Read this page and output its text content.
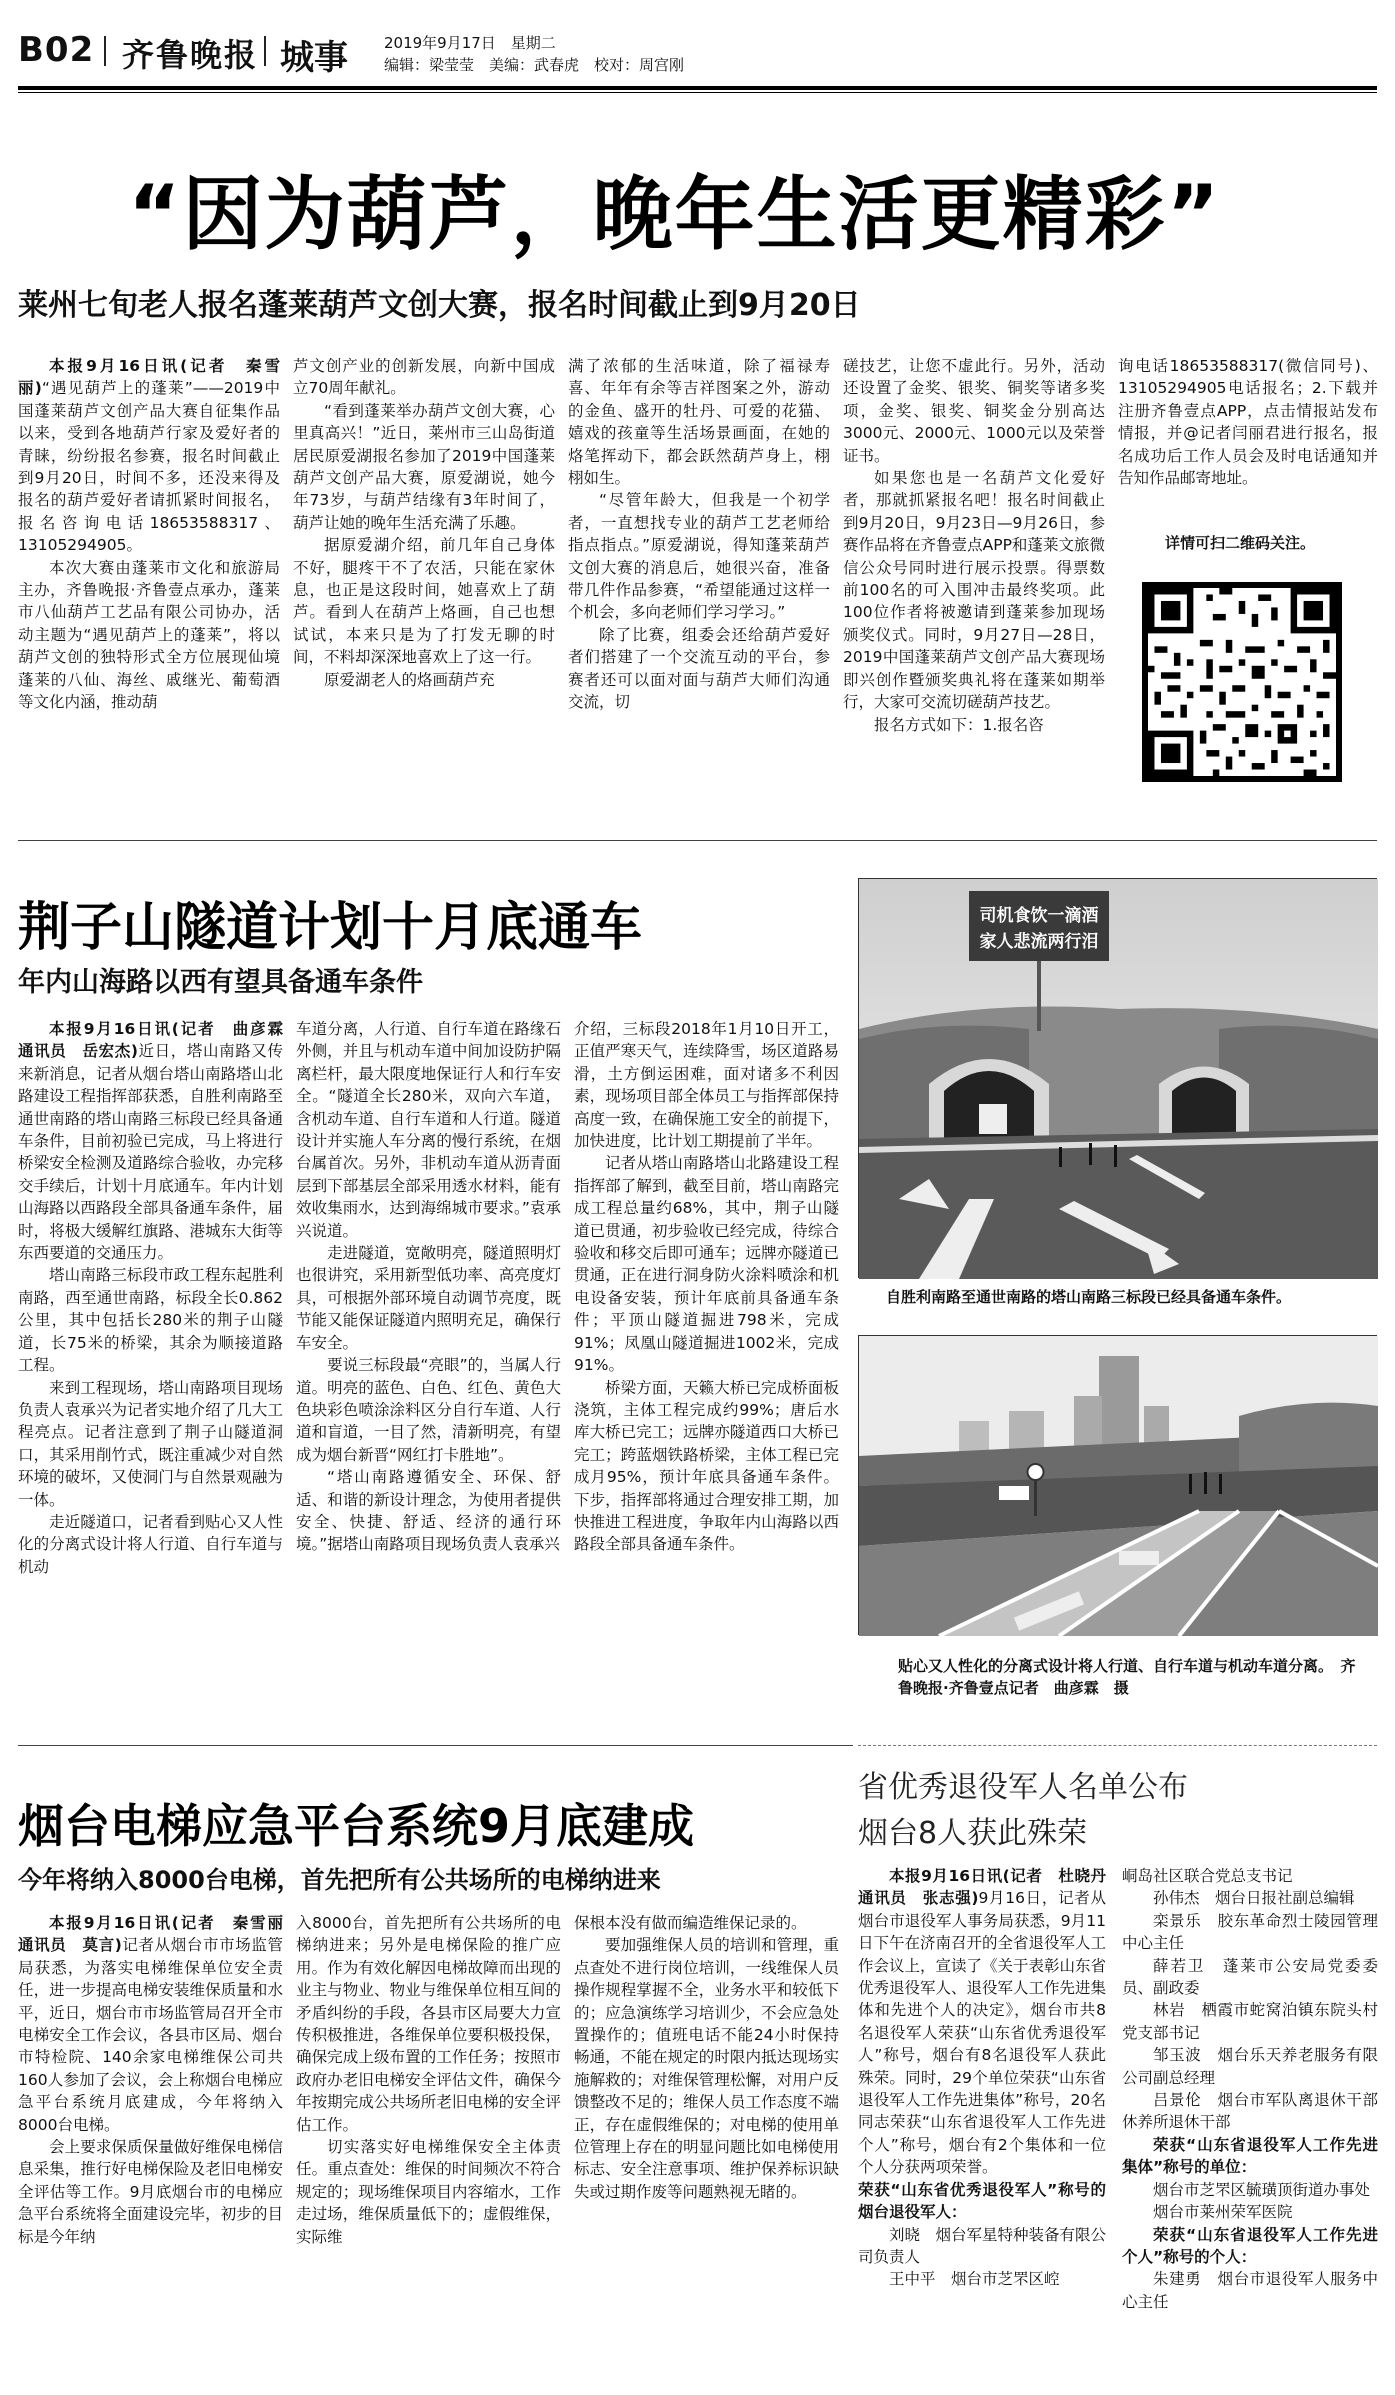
B02 齐鲁晚报 城事 2019年9月17日　星期二
编辑：梁莹莹　美编：武春虎　校对：周宫刚
“因为葫芦，晚年生活更精彩”
莱州七旬老人报名蓬莱葫芦文创大赛，报名时间截止到9月20日

本报9月16日讯(记者　秦雪丽)“遇见葫芦上的蓬莱”——2019中国蓬莱葫芦文创产品大赛自征集作品以来，受到各地葫芦行家及爱好者的青睐，纷纷报名参赛，报名时间截止到9月20日，时间不多，还没来得及报名的葫芦爱好者请抓紧时间报名，报名咨询电话18653588317、13105294905。

本次大赛由蓬莱市文化和旅游局主办，齐鲁晚报·齐鲁壹点承办，蓬莱市八仙葫芦工艺品有限公司协办，活动主题为“遇见葫芦上的蓬莱”，将以葫芦文创的独特形式全方位展现仙境蓬莱的八仙、海丝、戚继光、葡萄酒等文化内涵，推动葫

芦文创产业的创新发展，向新中国成立70周年献礼。

“看到蓬莱举办葫芦文创大赛，心里真高兴！”近日，莱州市三山岛街道居民原爱湖报名参加了2019中国蓬莱葫芦文创产品大赛，原爱湖说，她今年73岁，与葫芦结缘有3年时间了，葫芦让她的晚年生活充满了乐趣。

据原爱湖介绍，前几年自己身体不好，腿疼干不了农活，只能在家休息，也正是这段时间，她喜欢上了葫芦。看到人在葫芦上烙画，自己也想试试，本来只是为了打发无聊的时间，不料却深深地喜欢上了这一行。

原爱湖老人的烙画葫芦充

满了浓郁的生活味道，除了福禄寿喜、年年有余等吉祥图案之外，游动的金鱼、盛开的牡丹、可爱的花猫、嬉戏的孩童等生活场景画面，在她的烙笔挥动下，都会跃然葫芦身上，栩栩如生。

“尽管年龄大，但我是一个初学者，一直想找专业的葫芦工艺老师给指点指点。”原爱湖说，得知蓬莱葫芦文创大赛的消息后，她很兴奋，准备带几件作品参赛，“希望能通过这样一个机会，多向老师们学习学习。”

除了比赛，组委会还给葫芦爱好者们搭建了一个交流互动的平台，参赛者还可以面对面与葫芦大师们沟通交流，切

磋技艺，让您不虚此行。另外，活动还设置了金奖、银奖、铜奖等诸多奖项，金奖、银奖、铜奖金分别高达3000元、2000元、1000元以及荣誉证书。

如果您也是一名葫芦文化爱好者，那就抓紧报名吧！报名时间截止到9月20日，9月23日—9月26日，参赛作品将在齐鲁壹点APP和蓬莱文旅微信公众号同时进行展示投票。得票数前100名的可入围冲击最终奖项。此100位作者将被邀请到蓬莱参加现场颁奖仪式。同时，9月27日—28日，2019中国蓬莱葫芦文创产品大赛现场即兴创作暨颁奖典礼将在蓬莱如期举行，大家可交流切磋葫芦技艺。

报名方式如下：1.报名咨

询电话18653588317(微信同号)、13105294905电话报名；2.下载并注册齐鲁壹点APP，点击情报站发布情报，并@记者闫丽君进行报名，报名成功后工作人员会及时电话通知并告知作品邮寄地址。

详情可扫二维码关注。
荆子山隧道计划十月底通车
年内山海路以西有望具备通车条件

本报9月16日讯(记者　曲彦霖　通讯员　岳宏杰)近日，塔山南路又传来新消息，记者从烟台塔山南路塔山北路建设工程指挥部获悉，自胜利南路至通世南路的塔山南路三标段已经具备通车条件，目前初验已完成，马上将进行桥梁安全检测及道路综合验收，办完移交手续后，计划十月底通车。年内计划山海路以西路段全部具备通车条件，届时，将极大缓解红旗路、港城东大街等东西要道的交通压力。

塔山南路三标段市政工程东起胜利南路，西至通世南路，标段全长0.862公里，其中包括长280米的荆子山隧道，长75米的桥梁，其余为顺接道路工程。

来到工程现场，塔山南路项目现场负责人袁承兴为记者实地介绍了几大工程亮点。记者注意到了荆子山隧道洞口，其采用削竹式，既注重减少对自然环境的破坏，又使洞门与自然景观融为一体。

走近隧道口，记者看到贴心又人性化的分离式设计将人行道、自行车道与机动

车道分离，人行道、自行车道在路缘石外侧，并且与机动车道中间加设防护隔离栏杆，最大限度地保证行人和行车安全。“隧道全长280米，双向六车道，含机动车道、自行车道和人行道。隧道设计并实施人车分离的慢行系统，在烟台属首次。另外，非机动车道从沥青面层到下部基层全部采用透水材料，能有效收集雨水，达到海绵城市要求。”袁承兴说道。

走进隧道，宽敞明亮，隧道照明灯也很讲究，采用新型低功率、高亮度灯具，可根据外部环境自动调节亮度，既节能又能保证隧道内照明充足，确保行车安全。

要说三标段最“亮眼”的，当属人行道。明亮的蓝色、白色、红色、黄色大色块彩色喷涂涂料区分自行车道、人行道和盲道，一目了然，清新明亮，有望成为烟台新晋“网红打卡胜地”。

“塔山南路遵循安全、环保、舒适、和谐的新设计理念，为使用者提供安全、快捷、舒适、经济的通行环境。”据塔山南路项目现场负责人袁承兴

介绍，三标段2018年1月10日开工，正值严寒天气，连续降雪，场区道路易滑，土方倒运困难，面对诸多不利因素，现场项目部全体员工与指挥部保持高度一致，在确保施工安全的前提下，加快进度，比计划工期提前了半年。

记者从塔山南路塔山北路建设工程指挥部了解到，截至目前，塔山南路完成工程总量约68%，其中，荆子山隧道已贯通，初步验收已经完成，待综合验收和移交后即可通车；远牌亦隧道已贯通，正在进行洞身防火涂料喷涂和机电设备安装，预计年底前具备通车条件；平顶山隧道掘进798米，完成91%；凤凰山隧道掘进1002米，完成91%。

桥梁方面，天籁大桥已完成桥面板浇筑，主体工程完成约99%；唐后水库大桥已完工；远牌亦隧道西口大桥已完工；跨蓝烟铁路桥梁，主体工程已完成月95%，预计年底具备通车条件。下步，指挥部将通过合理安排工期，加快推进工程进度，争取年内山海路以西路段全部具备通车条件。

司机食饮一滴酒
家人悲流两行泪
自胜利南路至通世南路的塔山南路三标段已经具备通车条件。
贴心又人性化的分离式设计将人行道、自行车道与机动车道分离。　齐鲁晚报·齐鲁壹点记者　曲彦霖　摄
烟台电梯应急平台系统9月底建成
今年将纳入8000台电梯，首先把所有公共场所的电梯纳进来

本报9月16日讯(记者　秦雪丽　通讯员　莫言)记者从烟台市市场监管局获悉，为落实电梯维保单位安全责任，进一步提高电梯安装维保质量和水平，近日，烟台市市场监管局召开全市电梯安全工作会议，各县市区局、烟台市特检院、140余家电梯维保公司共160人参加了会议，会上称烟台电梯应急平台系统月底建成，今年将纳入8000台电梯。

会上要求保质保量做好维保电梯信息采集，推行好电梯保险及老旧电梯安全评估等工作。9月底烟台市的电梯应急平台系统将全面建设完毕，初步的目标是今年纳

入8000台，首先把所有公共场所的电梯纳进来；另外是电梯保险的推广应用。作为有效化解因电梯故障而出现的业主与物业、物业与维保单位相互间的矛盾纠纷的手段，各县市区局要大力宣传积极推进，各维保单位要积极投保，确保完成上级布置的工作任务；按照市政府办老旧电梯安全评估文件，确保今年按期完成公共场所老旧电梯的安全评估工作。

切实落实好电梯维保安全主体责任。重点查处：维保的时间频次不符合规定的；现场维保项目内容缩水，工作走过场，维保质量低下的；虚假维保，实际维

保根本没有做而编造维保记录的。

要加强维保人员的培训和管理，重点查处不进行岗位培训，一线维保人员操作规程掌握不全，业务水平和较低下的；应急演练学习培训少，不会应急处置操作的；值班电话不能24小时保持畅通，不能在规定的时限内抵达现场实施解救的；对维保管理松懈，对用户反馈整改不足的；维保人员工作态度不端正，存在虚假维保的；对电梯的使用单位管理上存在的明显问题比如电梯使用标志、安全注意事项、维护保养标识缺失或过期作废等问题熟视无睹的。

省优秀退役军人名单公布
烟台8人获此殊荣

本报9月16日讯(记者　杜晓丹　通讯员　张志强)9月16日，记者从烟台市退役军人事务局获悉，9月11日下午在济南召开的全省退役军人工作会议上，宣读了《关于表彰山东省优秀退役军人、退役军人工作先进集体和先进个人的决定》，烟台市共8名退役军人荣获“山东省优秀退役军人”称号，烟台有8名退役军人获此殊荣。同时，29个单位荣获“山东省退役军人工作先进集体”称号，20名同志荣获“山东省退役军人工作先进个人”称号，烟台有2个集体和一位个人分获两项荣誉。

荣获“山东省优秀退役军人”称号的烟台退役军人：

刘晓　烟台军星特种装备有限公司负责人

王中平　烟台市芝罘区崆

峒岛社区联合党总支书记

孙伟杰　烟台日报社副总编辑

栾景乐　胶东革命烈士陵园管理中心主任

薛若卫　蓬莱市公安局党委委员、副政委

林岩　栖霞市蛇窝泊镇东院头村党支部书记

邹玉波　烟台乐天养老服务有限公司副总经理

吕景伦　烟台市军队离退休干部休养所退休干部

荣获“山东省退役军人工作先进集体”称号的单位：

烟台市芝罘区毓璜顶街道办事处

烟台市莱州荣军医院

荣获“山东省退役军人工作先进个人”称号的个人：

朱建勇　烟台市退役军人服务中心主任
